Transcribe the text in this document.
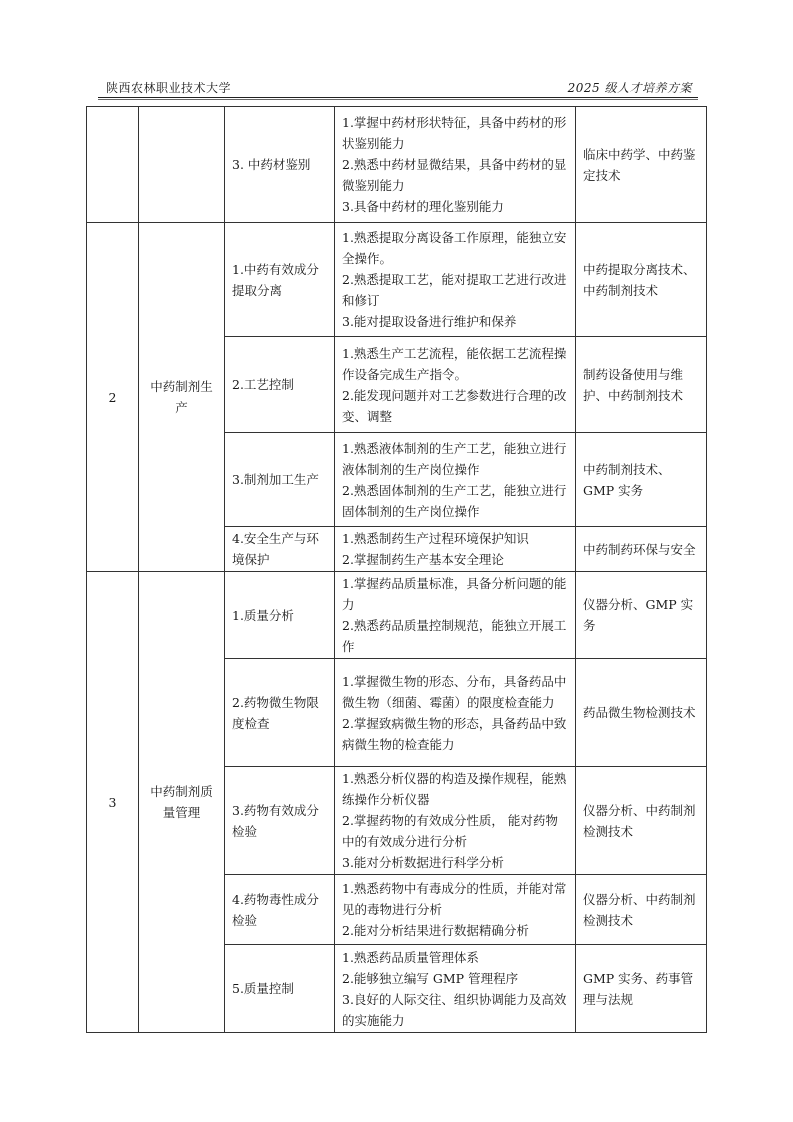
陕西农林职业技术大学	2025 级人才培养方案
		3. 中药材鉴别	1.掌握中药材形状特征，具备中药材的形状鉴别能力
2.熟悉中药材显微结果，具备中药材的显微鉴别能力
3.具备中药材的理化鉴别能力	临床中药学、中药鉴定技术
2	中药制剂生产	1.中药有效成分提取分离	1.熟悉提取分离设备工作原理，能独立安全操作。
2.熟悉提取工艺，能对提取工艺进行改进和修订
3.能对提取设备进行维护和保养	中药提取分离技术、中药制剂技术
		2.工艺控制	1.熟悉生产工艺流程，能依据工艺流程操作设备完成生产指令。
2.能发现问题并对工艺参数进行合理的改变、调整	制药设备使用与维护、中药制剂技术
		3.制剂加工生产	1.熟悉液体制剂的生产工艺，能独立进行液体制剂的生产岗位操作
2.熟悉固体制剂的生产工艺，能独立进行固体制剂的生产岗位操作	中药制剂技术、GMP 实务
		4.安全生产与环境保护	1.熟悉制药生产过程环境保护知识
2.掌握制药生产基本安全理论	中药制药环保与安全
3	中药制剂质量管理	1.质量分析	1.掌握药品质量标准，具备分析问题的能力
2.熟悉药品质量控制规范，能独立开展工作	仪器分析、GMP 实务
		2.药物微生物限度检查	1.掌握微生物的形态、分布，具备药品中微生物（细菌、霉菌）的限度检查能力
2.掌握致病微生物的形态，具备药品中致病微生物的检查能力	药品微生物检测技术
		3.药物有效成分检验	1.熟悉分析仪器的构造及操作规程，能熟练操作分析仪器
2.掌握药物的有效成分性质， 能对药物中的有效成分进行分析
3.能对分析数据进行科学分析	仪器分析、中药制剂检测技术
		4.药物毒性成分检验	1.熟悉药物中有毒成分的性质，并能对常见的毒物进行分析
2.能对分析结果进行数据精确分析	仪器分析、中药制剂检测技术
		5.质量控制	1.熟悉药品质量管理体系
2.能够独立编写 GMP 管理程序
3.良好的人际交往、组织协调能力及高效的实施能力	GMP 实务、药事管理与法规
